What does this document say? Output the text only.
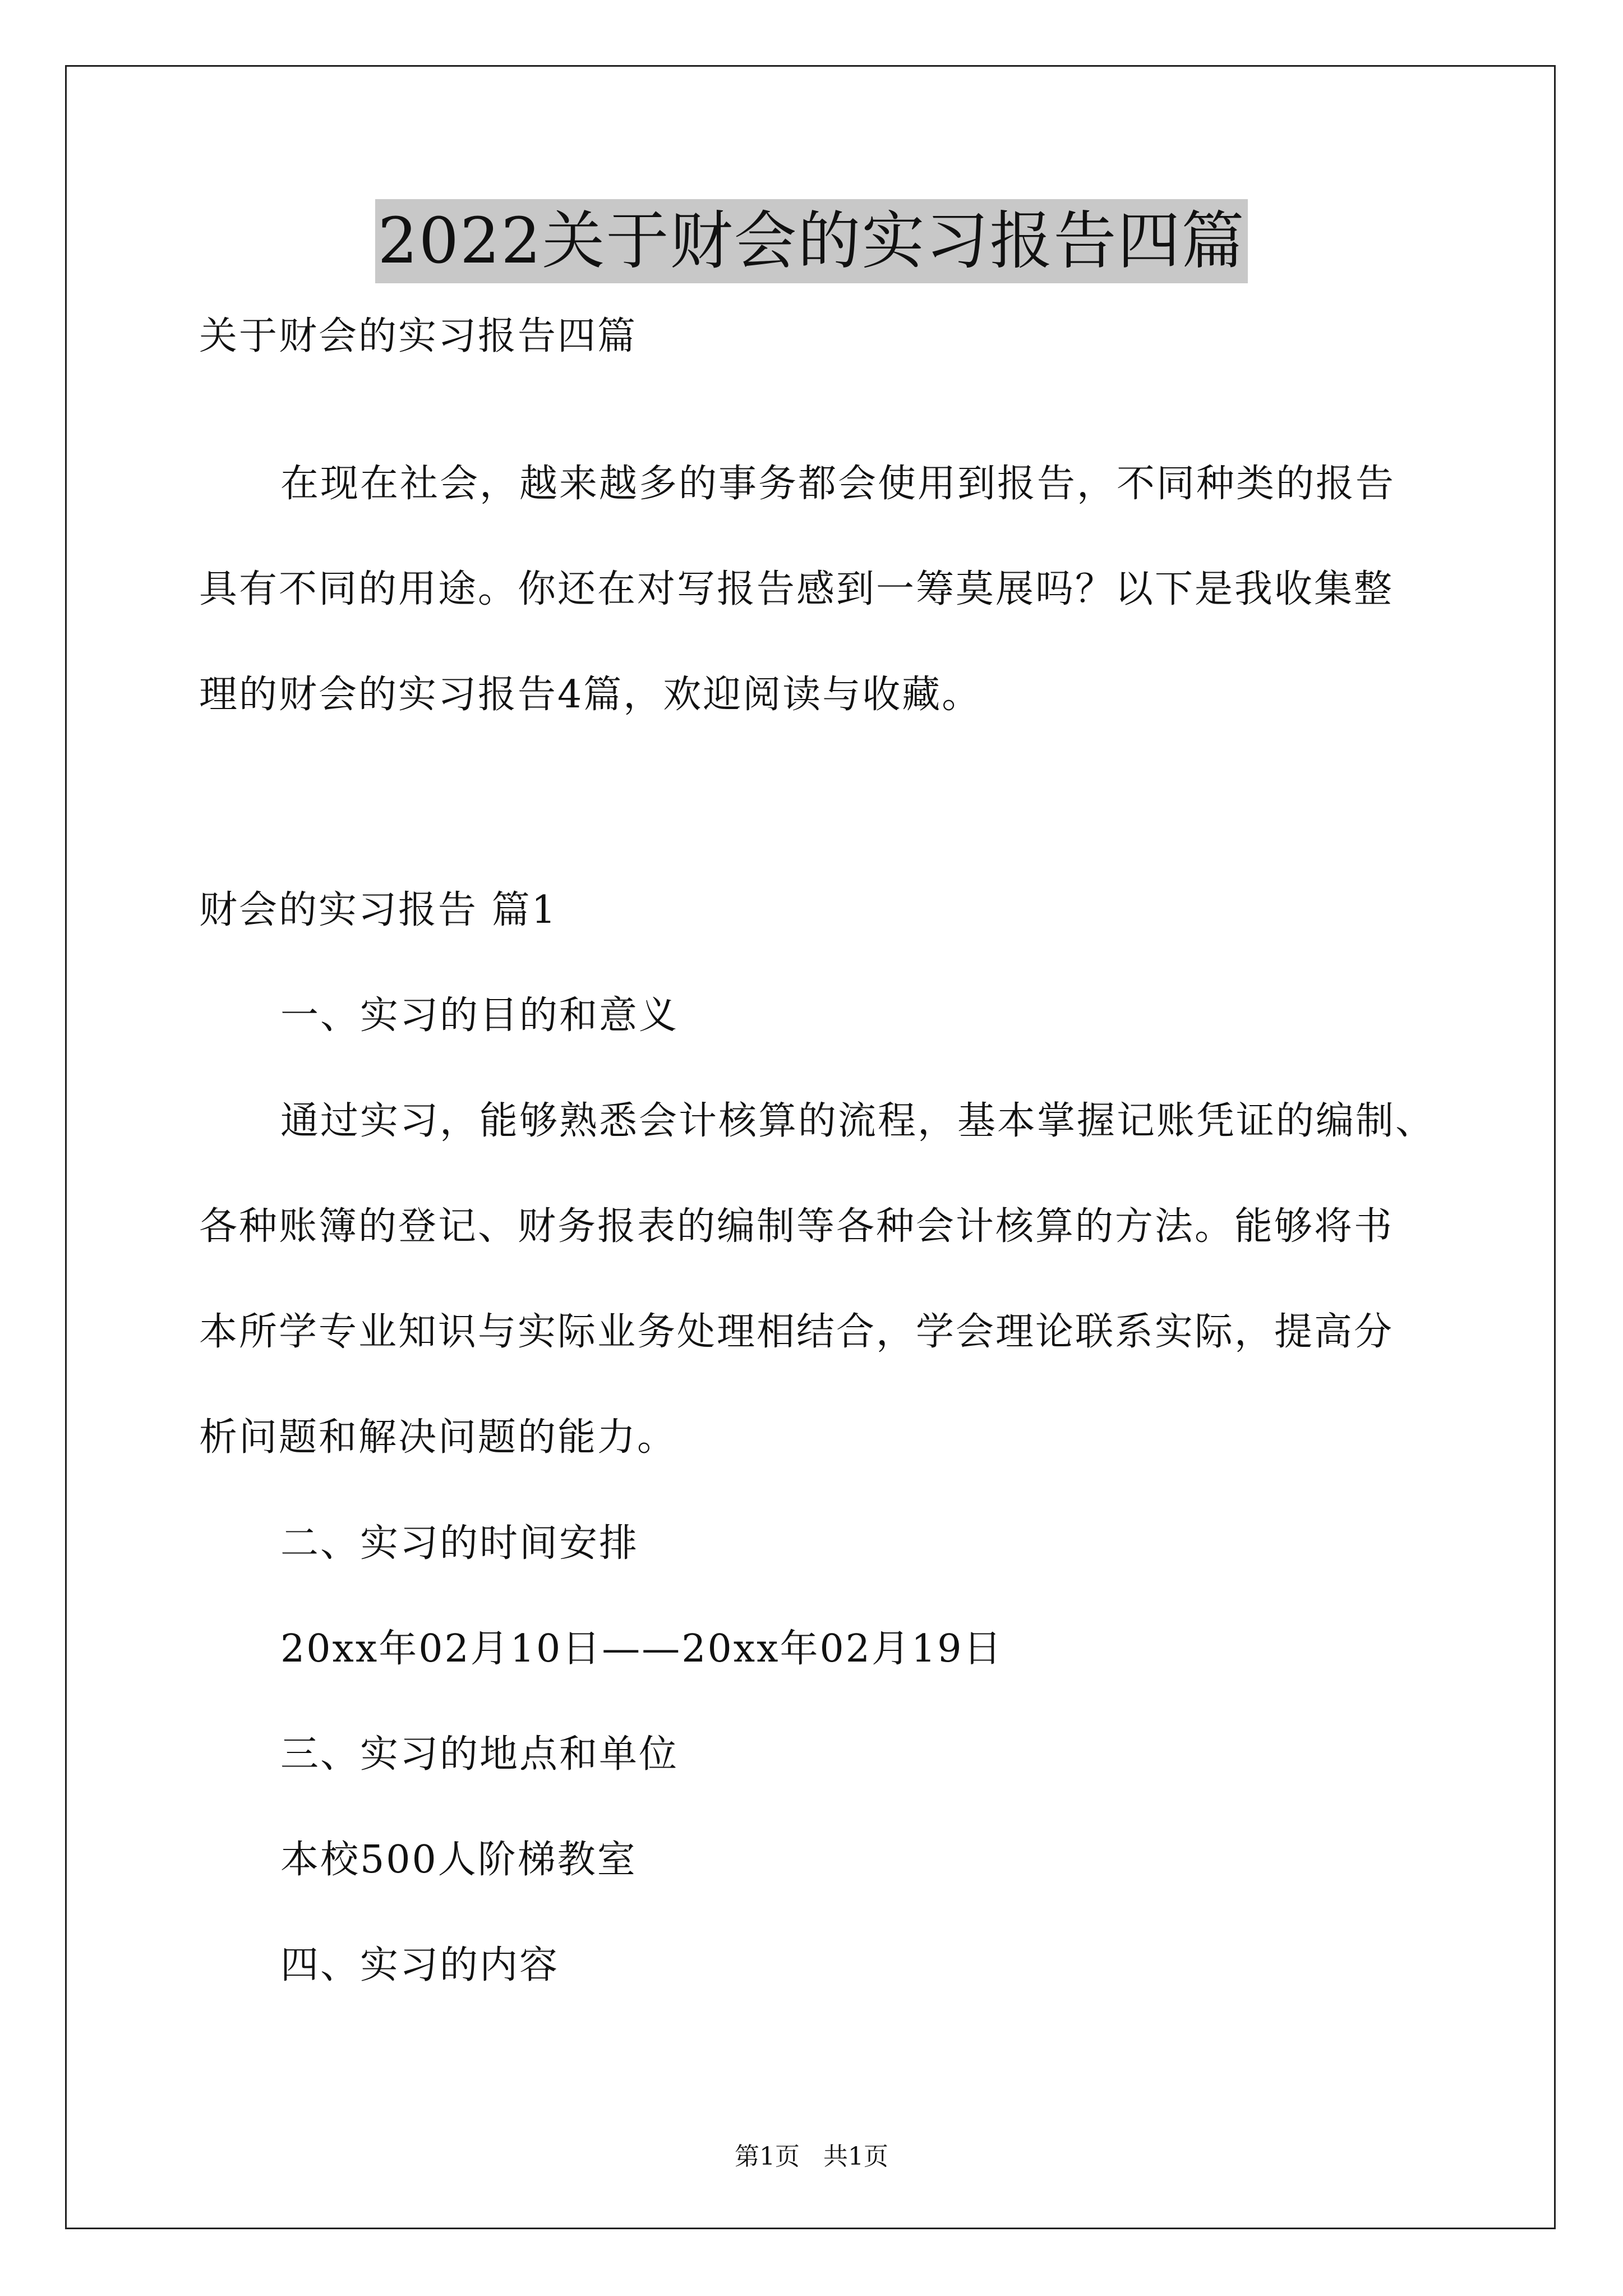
2022关于财会的实习报告四篇

关于财会的实习报告四篇

在现在社会，越来越多的事务都会使用到报告，不同种类的报告

具有不同的用途。你还在对写报告感到一筹莫展吗？以下是我收集整

理的财会的实习报告4篇，欢迎阅读与收藏。

财会的实习报告 篇1

一、实习的目的和意义

通过实习，能够熟悉会计核算的流程，基本掌握记账凭证的编制、

各种账簿的登记、财务报表的编制等各种会计核算的方法。能够将书

本所学专业知识与实际业务处理相结合，学会理论联系实际，提高分

析问题和解决问题的能力。

二、实习的时间安排

20xx年02月10日——20xx年02月19日

三、实习的地点和单位

本校500人阶梯教室

四、实习的内容

第1页   共1页
